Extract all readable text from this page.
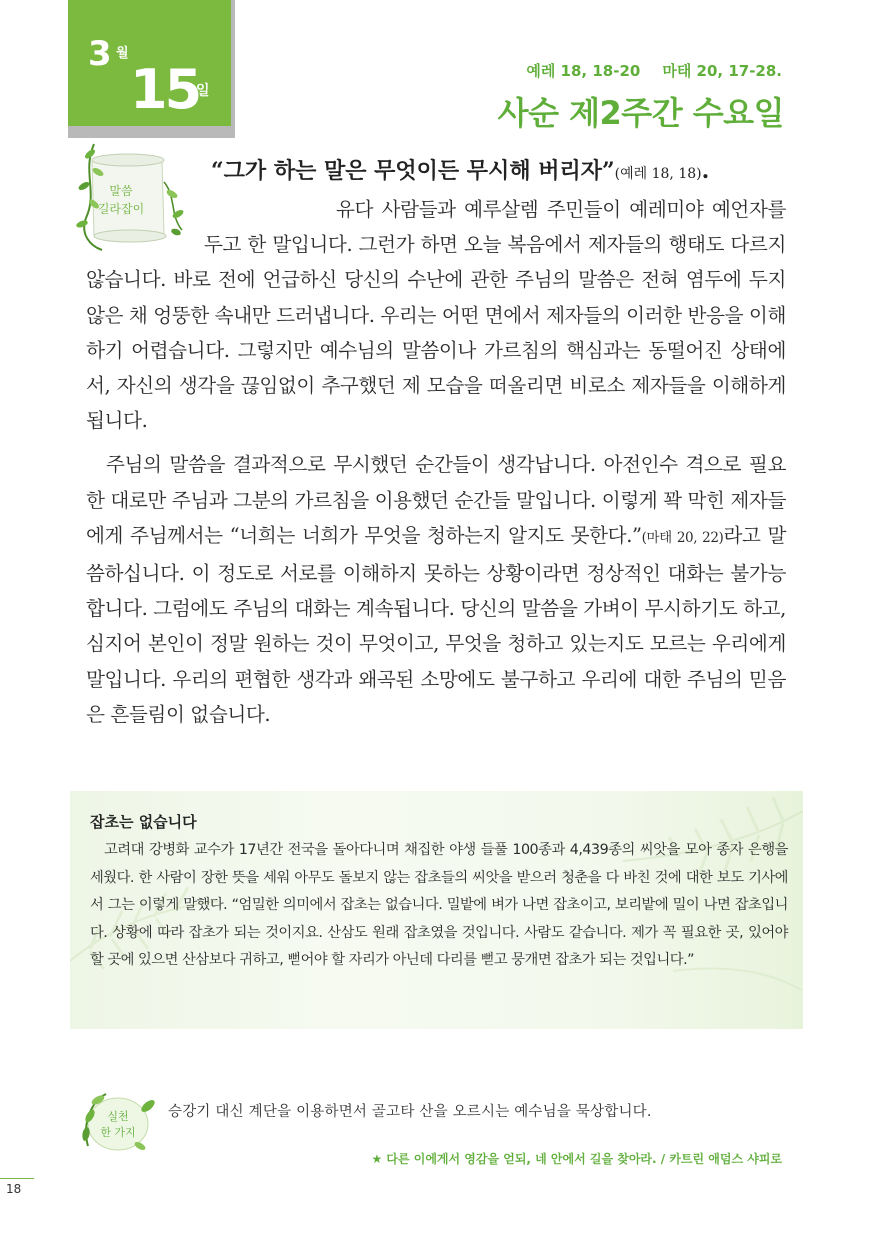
3 월
15
일
예레 18, 18-20 마태 20, 17-28.
사순 제2주간 수요일
말씀
길라잡이
“그가 하는 말은 무엇이든 무시해 버리자”(예레 18, 18).

유다 사람들과 예루살렘 주민들이 예레미야 예언자를 두고 한 말입니다. 그런가 하면 오늘 복음에서 제자들의 행태도 다르지 않습니다. 바로 전에 언급하신 당신의 수난에 관한 주님의 말씀은 전혀 염두에 두지 않은 채 엉뚱한 속내만 드러냅니다. 우리는 어떤 면에서 제자들의 이러한 반응을 이해하기 어렵습니다. 그렇지만 예수님의 말씀이나 가르침의 핵심과는 동떨어진 상태에서, 자신의 생각을 끊임없이 추구했던 제 모습을 떠올리면 비로소 제자들을 이해하게 됩니다.

주님의 말씀을 결과적으로 무시했던 순간들이 생각납니다. 아전인수 격으로 필요한 대로만 주님과 그분의 가르침을 이용했던 순간들 말입니다. 이렇게 꽉 막힌 제자들에게 주님께서는 “너희는 너희가 무엇을 청하는지 알지도 못한다.”(마태 20, 22)라고 말씀하십니다. 이 정도로 서로를 이해하지 못하는 상황이라면 정상적인 대화는 불가능합니다. 그럼에도 주님의 대화는 계속됩니다. 당신의 말씀을 가벼이 무시하기도 하고, 심지어 본인이 정말 원하는 것이 무엇이고, 무엇을 청하고 있는지도 모르는 우리에게 말입니다. 우리의 편협한 생각과 왜곡된 소망에도 불구하고 우리에 대한 주님의 믿음은 흔들림이 없습니다.

잡초는 없습니다

고려대 강병화 교수가 17년간 전국을 돌아다니며 채집한 야생 들풀 100종과 4,439종의 씨앗을 모아 종자 은행을 세웠다. 한 사람이 장한 뜻을 세워 아무도 돌보지 않는 잡초들의 씨앗을 받으러 청춘을 다 바친 것에 대한 보도 기사에서 그는 이렇게 말했다. “엄밀한 의미에서 잡초는 없습니다. 밀밭에 벼가 나면 잡초이고, 보리밭에 밀이 나면 잡초입니다. 상황에 따라 잡초가 되는 것이지요. 산삼도 원래 잡초였을 것입니다. 사람도 같습니다. 제가 꼭 필요한 곳, 있어야 할 곳에 있으면 산삼보다 귀하고, 뻗어야 할 자리가 아닌데 다리를 뻗고 뭉개면 잡초가 되는 것입니다.”

실천
한 가지
승강기 대신 계단을 이용하면서 골고타 산을 오르시는 예수님을 묵상합니다.
★ 다른 이에게서 영감을 얻되, 네 안에서 길을 찾아라. / 카트린 애덤스 샤피로
18
